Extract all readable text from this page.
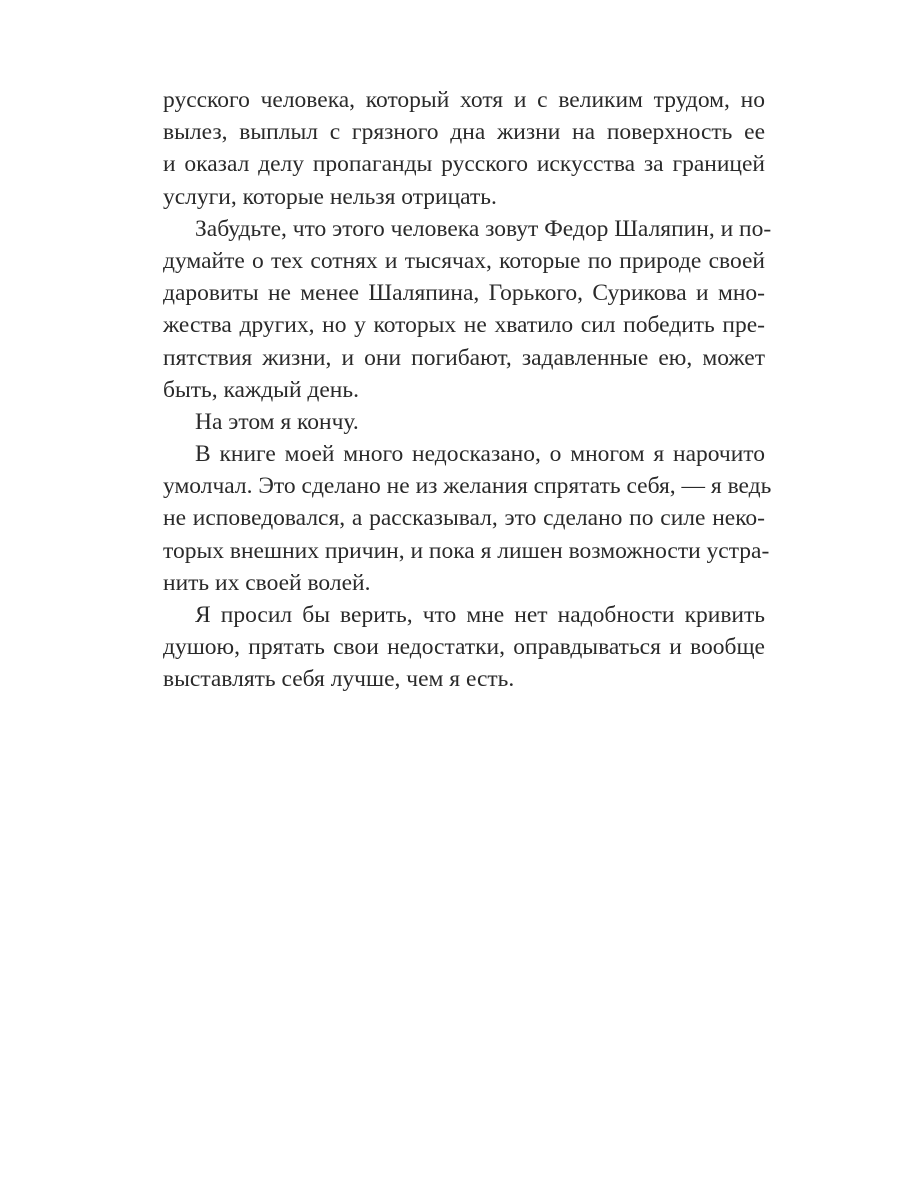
русского человека, который хотя и с великим трудом, но
вылез, выплыл с грязного дна жизни на поверхность ее
и оказал делу пропаганды русского искусства за границей
услуги, которые нельзя отрицать.
Забудьте, что этого человека зовут Федор Шаляпин, и по-
думайте о тех сотнях и тысячах, которые по природе своей
даровиты не менее Шаляпина, Горького, Сурикова и мно-
жества других, но у которых не хватило сил победить пре-
пятствия жизни, и они погибают, задавленные ею, может
быть, каждый день.
На этом я кончу.
В книге моей много недосказано, о многом я нарочито
умолчал. Это сделано не из желания спрятать себя, — я ведь
не исповедовался, а рассказывал, это сделано по силе неко-
торых внешних причин, и пока я лишен возможности устра-
нить их своей волей.
Я просил бы верить, что мне нет надобности кривить
душою, прятать свои недостатки, оправдываться и вообще
выставлять себя лучше, чем я есть.
